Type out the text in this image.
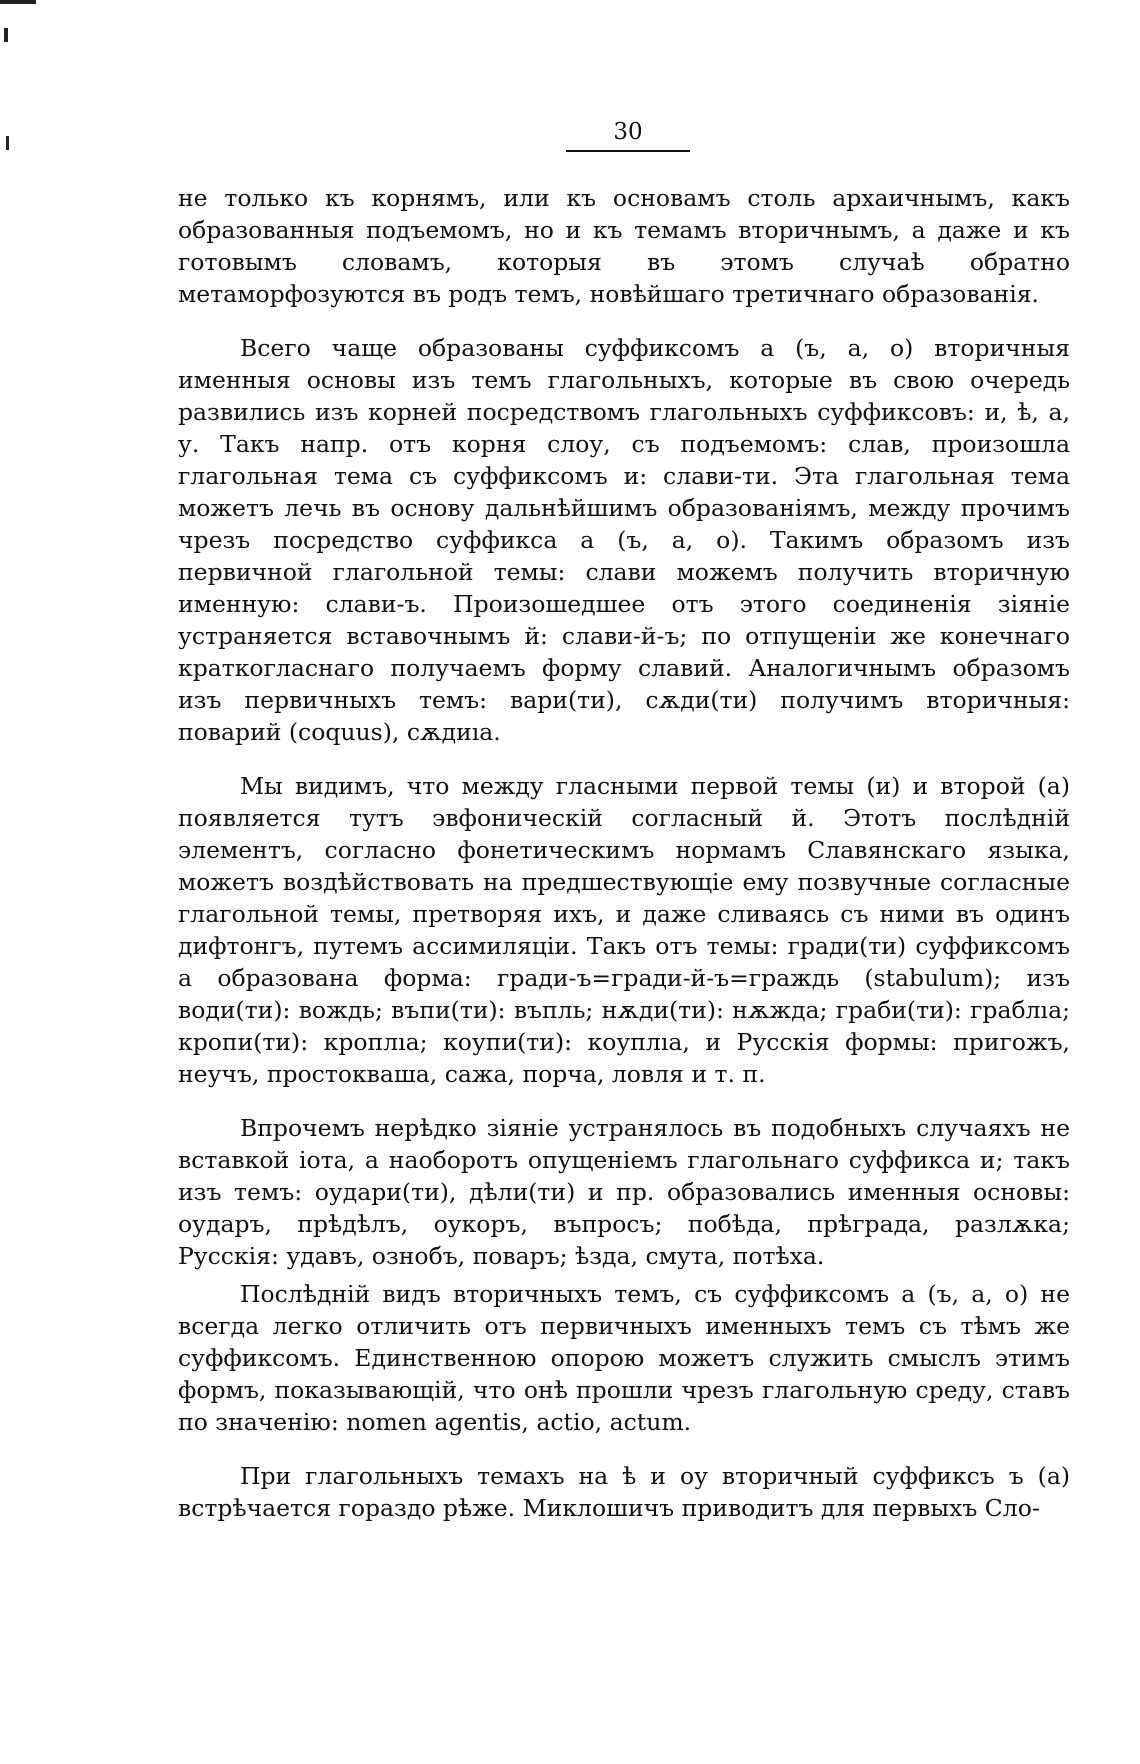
30

не только къ корнямъ, или къ основамъ столь архаичнымъ, какъ образованныя подъемомъ, но и къ темамъ вторичнымъ, а даже и къ готовымъ словамъ, которыя въ этомъ случаѣ обратно метаморфозуются въ родъ темъ, новѣйшаго третичнаго образованія.

Всего чаще образованы суффиксомъ а (ъ, а, о) вторичныя именныя основы изъ темъ глагольныхъ, которые въ свою очередь развились изъ корней посредствомъ глагольныхъ суффиксовъ: и, ѣ, а, у. Такъ напр. отъ корня слоу, съ подъемомъ: слав, произошла глагольная тема съ суффиксомъ и: слави-ти. Эта глагольная тема можетъ лечь въ основу дальнѣйшимъ образованіямъ, между прочимъ чрезъ посредство суффикса а (ъ, а, о). Такимъ образомъ изъ первичной глагольной темы: слави можемъ получить вторичную именную: слави-ъ. Произошедшее отъ этого соединенія зіяніе устраняется вставочнымъ й: слави-й-ъ; по отпущеніи же конечнаго краткогласнаго получаемъ форму славий. Аналогичнымъ образомъ изъ первичныхъ темъ: вари(ти), сѫди(ти) получимъ вторичныя: поварий (coquus), сѫдиıа.

Мы видимъ, что между гласными первой темы (и) и второй (а) появляется тутъ эвфоническій согласный й. Этотъ послѣдній элементъ, согласно фонетическимъ нормамъ Славянскаго языка, можетъ воздѣйствовать на предшествующіе ему позвучные согласные глагольной темы, претворяя ихъ, и даже сливаясь съ ними въ одинъ дифтонгъ, путемъ ассимиляціи. Такъ отъ темы: гради(ти) суффиксомъ а образована форма: гради-ъ=гради-й-ъ=граждь (stabulum); изъ води(ти): вождь; въпи(ти): въпль; нѫди(ти): нѫжда; граби(ти): граблıа; кропи(ти): кроплıа; коупи(ти): коуплıа, и Русскія формы: пригожъ, неучъ, простокваша, сажа, порча, ловля и т. п.

Впрочемъ нерѣдко зіяніе устранялось въ подобныхъ случаяхъ не вставкой іота, а наоборотъ опущеніемъ глагольнаго суффикса и; такъ изъ темъ: оудари(ти), дѣли(ти) и пр. образовались именныя основы: оударъ, прѣдѣлъ, оукоръ, въпросъ; побѣда, прѣграда, разлѫка; Русскія: удавъ, ознобъ, поваръ; ѣзда, смута, потѣха.

Послѣдній видъ вторичныхъ темъ, съ суффиксомъ а (ъ, а, о) не всегда легко отличить отъ первичныхъ именныхъ темъ съ тѣмъ же суффиксомъ. Единственною опорою можетъ служить смыслъ этимъ формъ, показывающій, что онѣ прошли чрезъ глагольную среду, ставъ по значенію: nomen agentis, actio, actum.

При глагольныхъ темахъ на ѣ и оу вторичный суффиксъ ъ (а) встрѣчается гораздо рѣже. Миклошичъ приводитъ для первыхъ Сло-
